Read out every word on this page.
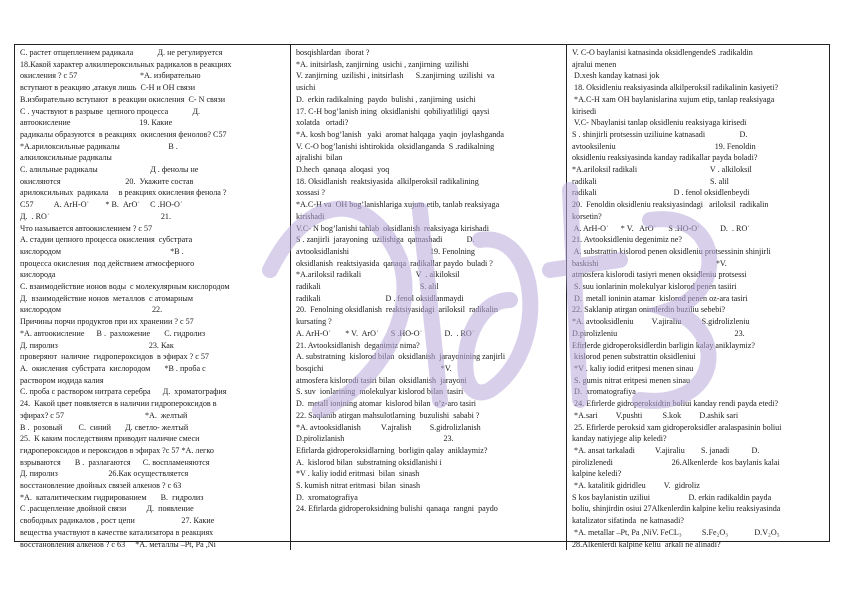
С. растет отщеплением радикала            Д. не регулируется
18.Какой характер алкилпероксильных радикалов в реакциях
окисления ? с 57                               *А. избирательно
вступают в реакцию ,атакуя лишь  С-Н и ОН связи
В.избирательно вступают  в реакции окисления  С- N связи
С . участвуют в разрыве  цепного процесса            Д.
автоокисление                                  19. Какие
радикалы образуются  в реакциях  окисления фенолов? С57
*А.арилоксильные радикалы                        В .
алкилоксильные радикалы
С. алильные радикалы                          Д . фенолы не
окисляются                                20.  Укажите состав
арилоксильных  радикала     в реакциях окисления фенола ?
С57          А. АrН-О˙        * В.  АrО˙     С .НО-О˙
Д.  . RО˙                                                       21.
Что называется автоокислением ? с 57
А. стадии цепного процесса окисления  субстрата
кислородом                                                      *В .
процесса окисления  под действием атмосферного
кислорода
С. взаимодействие ионов воды  с молекулярным кислородом
Д.  взаимодействие ионов  металлов  с атомарным
кислородом                                             22.
Причины порчи продуктов при их хранении ? с 57
*А. автоокисление      В .  разложение       С. гидролиз
Д. пиролиз                                             23. Как
проверяют  наличие  гидропероксидов  в эфирах ? с 57
А.  окисления  субстрата  кислородом       *В . проба с
раствором иодида калия
С. проба с раствором нитрата серебра      Д.  хроматография
24.  Какой цвет появляется в наличии гидропероксидов в
эфирах? с 57                                        *А.  желтый
В .  розовый        С.  синий       Д. светло- желтый
25.  К каким последствиям приводит наличие смеси
гидропероксидов и пероксидов в эфирах ?с 57 *А. легко
взрываются       В .  разлагаются      С. воспламеняются
Д. пиролиз                         26.Как осуществляется
восстановление двойных связей алкенов ? с 63
*А.  каталитическим гидрированием       В.  гидролиз
С .расщепление двойной связи          Д.  появление
свободных радикалов , рост цепи                       27. Какие
вещества участвуют в качестве катализатора в реакциях
восстановления алкенов ? с 63     *А. металлы –Pt, Pa ,Ni
bosqishlardan  iborat ?
*A. initsirlash, zanjirning  usichi , zanjirning  uzilishi
V. zanjirning  uzilishi , initsirlash      S.zanjirning  uzilishi  va
usichi
D.  erkin radikalning  paydo  bulishi , zanjirning  usichi
17. C-H bog’lanish ining  oksidlanishi  qobiliyatliligi  qaysi
xolatda   ortadi?
*A. kosh bog’lanish   yaki  aromat halqaga  yaqin  joylashganda
V. C-O bog’lanishi ishtirokida  oksidlanganda  S .radikalning
ajralishi  bilan
D.hech  qanaqa  aloqasi  yoq
18. Oksidlanish  reaktsiyasida  alkilperoksil radikalining
xossasi ?
*A.C-H va  OH bog’lanishlariga xujum etib, tanlab reaksiyaga
kirishadi
V.C- N bog’lanishi tahlab  oksidlanish  reaksiyaga kirishadi
S . zanjirli  jarayoning  uzilishiga  qatnashadi            D.
avtooksidlanishi                                        19. Fenolning
oksidlanish  reaktsiyasida  qanaqa  radikallar paydo  buladi ?
*A.ariloksil radikali                           V  . alkiloksil
radikali                                                 S. alil
radikali                                D . fenol oksidlanmaydi
20.  Fenolning oksidlanish  reaktsiyasidagi  ariloksil  radikalin
kursating ?
A. ArH-O˙       * V.  ArO˙      S .HO-O˙           D.  . RO˙
21. Avtooksidlanish  deganimiz nima?
A. substratning  kislorod bilan  oksidlanish  jarayonining zanjirli
bosqichi                                                          *V.
atmosfera kislorodi tasiri bilan  oksidlanish  jarayoni
S. suv  ionlarining  molekulyar kislorod bilan  tasiri
D.  metall ionining atomar  kislorod bilan  o’z-aro tasiri
22. Saqlanib atirgan mahsulotlarning  buzulishi  sababi ?
*A. avtooksidlanish          V.ajralish         S.gidrolizlanish
D.pirolizlanish                                                 23.
Efirlarda gidroperoksidlarning  borligin qalay  aniklaymiz?
A.  kislorod bilan  substratning oksidlanishi i
*V . kaliy iodid eritmasi  bilan  sinash
S. kumish nitrat eritmasi  bilan  sinash
D.  xromatografiya
24. Efirlarda gidroperoksidning bulishi  qanaqa  rangni  paydo
V. C-O baylanisi katnasinda oksidlengendeS .radikaldin
ajralui menen
D.xesh kanday katnasi jok
18. Oksidleniu reaksiyasinda alkilperoksil radikalinin kasiyeti?
*A.C-H xam OH baylanislarina xujum etip, tanlap reaksiyaga
kirisedi
V.C- Nbaylanisi tanlap oksidleniu reaksiyaga kirisedi
S . shinjirli protsessin uziliuine katnasadi                 D.
avtooksileniu                                                 19. Fenoldin
oksidleniu reaksiyasinda kanday radikallar payda boladi?
*A.ariloksil radikali                                    V . alkiloksil
radikali                                                        S. alil
radikali                                      D . fenol oksidlenbeydi
20.  Fenoldin oksidleniu reaksiyasindagi   ariloksil  radikalin
korsetin?
A. ArH-O˙      * V.   ArO˙      S .HO-O˙          D.  . RO˙
21. Avtooksidleniu degenimiz ne?
A. substrattin kislorod penen oksidleniu protsessinin shinjirli
baskishi                                                          *V.
atmosfera kislorodi tasiyri menen oksidleniu protsessi
S. suu ionlarinin molekulyar kislorod penen tasiiri
D.  metall ioninin atamar  kislorod penen oz-ara tasiri
22. Saklanip atirgan onimlerdin buziliu sebebi?
*A. avtooksidleniu         V.ajiraliu          S.gidrolizleniu
D.pirolizleniu                                                          23.
Efirlerde gidroperoksidlerdin barligin kalay aniklaymiz?
kislorod penen substrattin oksidleniui
*V . kaliy iodid eritpesi menen sinau
S. gumis nitrat eritpesi menen sinau
D.  xromatografiya
24. Efirlerde gidroperoksidtin boliui kanday rendi payda etedi?
*A.sari         V.pushti          S.kok         D.ashik sari
25. Efirlerde peroksid xam gidroperoksidler aralaspasinin boliui
kanday natiyjege alip keledi?
*A. ansat tarkaladi          V.ajiraliu        S. janadi           D.
pirolizlenedi                             26.Alkenlerde  kos baylanis kalai
kalpine keledi?
*A. katalitik gidridleu         V.  gidroliz
S kos baylanistin uziliui                   D. erkin radikaldin payda
boliu, shinjirdin osiui 27Alkenlerdin kalpine keliu reaksiyasinda
katalizator sifatinda  ne katnasadi?
*A. metallar –Pt, Pa ,NiV. FeCL₃          S.Fe₂O₃             D.V₂O₅
28.Alkenlerdi kalpine keliu  arkali ne alinadi?
